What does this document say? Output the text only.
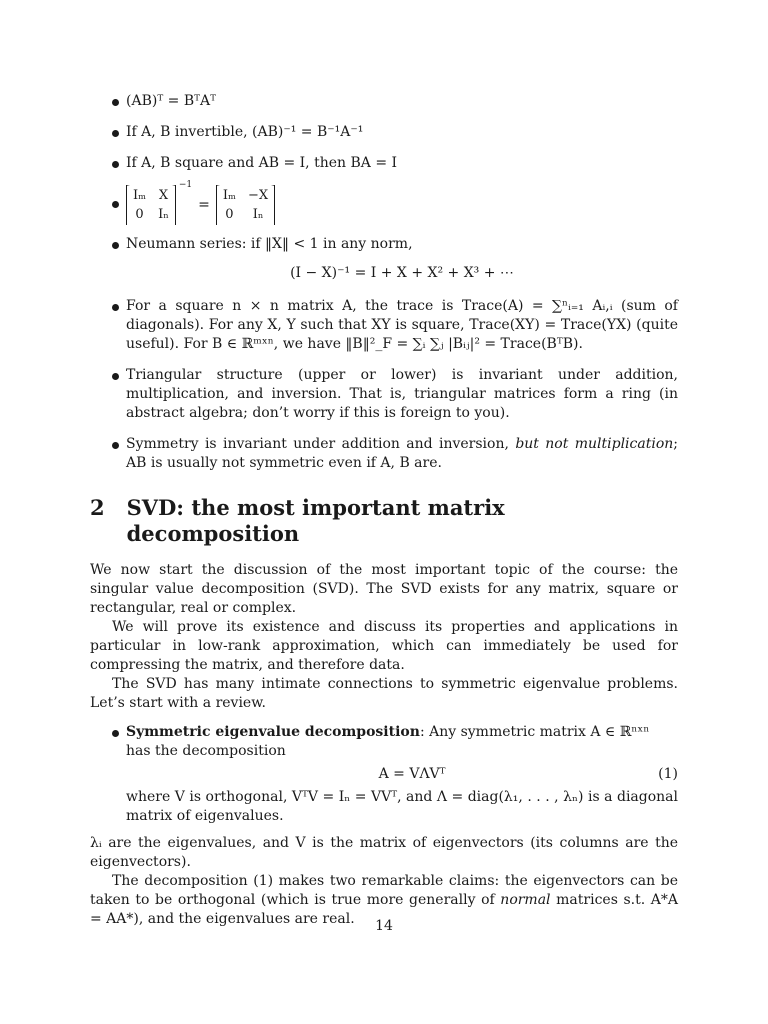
(AB)ᵀ = BᵀAᵀ
If A, B invertible, (AB)⁻¹ = B⁻¹A⁻¹
If A, B square and AB = I, then BA = I
Iₘ X
0 Iₙ
−1
=
Iₘ −X
0	Iₙ
Neumann series: if ‖X‖ < 1 in any norm,
(I − X)⁻¹ = I + X + X² + X³ + ⋯
For a square n × n matrix A, the trace is Trace(A) = ∑ⁿᵢ₌₁ Aᵢ,ᵢ (sum of diagonals). For any X, Y such that XY is square, Trace(XY) = Trace(YX) (quite useful). For B ∈ ℝᵐˣⁿ, we have ‖B‖²_F = ∑ᵢ ∑ⱼ |Bᵢⱼ|² = Trace(BᵀB).
Triangular structure (upper or lower) is invariant under addition, multiplication, and inversion. That is, triangular matrices form a ring (in abstract algebra; don’t worry if this is foreign to you).
Symmetry is invariant under addition and inversion, but not multiplication; AB is usually not symmetric even if A, B are.
2 SVD: the most important matrix decomposition

We now start the discussion of the most important topic of the course: the singular value decomposition (SVD). The SVD exists for any matrix, square or rectangular, real or complex.

We will prove its existence and discuss its properties and applications in particular in low-rank approximation, which can immediately be used for compressing the matrix, and therefore data.

The SVD has many intimate connections to symmetric eigenvalue problems. Let’s start with a review.

Symmetric eigenvalue decomposition: Any symmetric matrix A ∈ ℝⁿˣⁿ has the decomposition
A = VΛVᵀ	(1)
where V is orthogonal, VᵀV = Iₙ = VVᵀ, and Λ = diag(λ₁, . . . , λₙ) is a diagonal matrix of eigenvalues.

λᵢ are the eigenvalues, and V is the matrix of eigenvectors (its columns are the eigenvectors).

The decomposition (1) makes two remarkable claims: the eigenvectors can be taken to be orthogonal (which is true more generally of normal matrices s.t. A*A = AA*), and the eigenvalues are real.	14
